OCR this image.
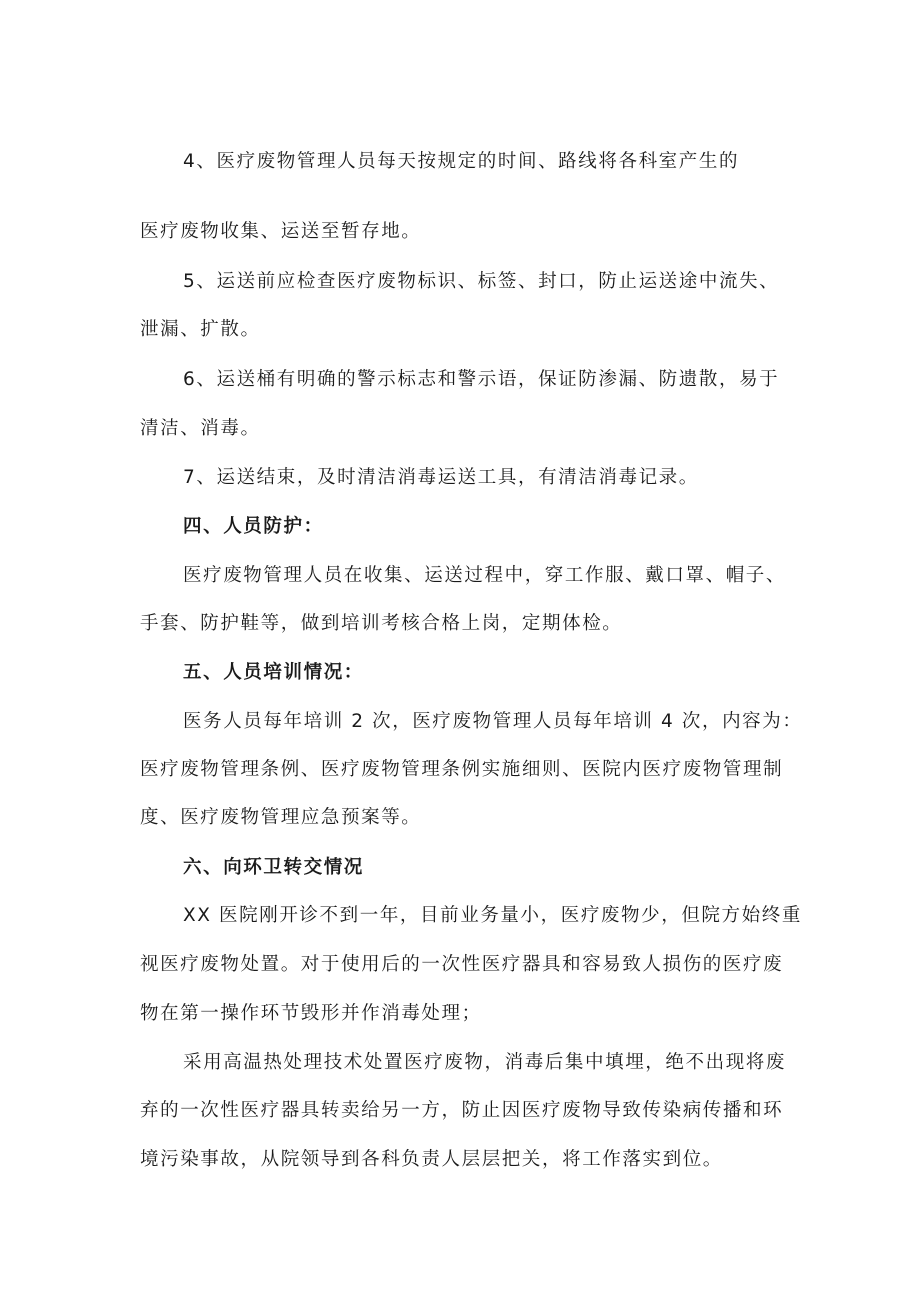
4、医疗废物管理人员每天按规定的时间、路线将各科室产生的
医疗废物收集、运送至暂存地。
5、运送前应检查医疗废物标识、标签、封口，防止运送途中流失、
泄漏、扩散。
6、运送桶有明确的警示标志和警示语，保证防渗漏、防遗散，易于
清洁、消毒。
7、运送结束，及时清洁消毒运送工具，有清洁消毒记录。
四、人员防护：
医疗废物管理人员在收集、运送过程中，穿工作服、戴口罩、帽子、
手套、防护鞋等，做到培训考核合格上岗，定期体检。
五、人员培训情况：
医务人员每年培训 2 次，医疗废物管理人员每年培训 4 次，内容为：
医疗废物管理条例、医疗废物管理条例实施细则、医院内医疗废物管理制
度、医疗废物管理应急预案等。
六、向环卫转交情况
XX 医院刚开诊不到一年，目前业务量小，医疗废物少，但院方始终重
视医疗废物处置。对于使用后的一次性医疗器具和容易致人损伤的医疗废
物在第一操作环节毁形并作消毒处理；
采用高温热处理技术处置医疗废物，消毒后集中填埋，绝不出现将废
弃的一次性医疗器具转卖给另一方，防止因医疗废物导致传染病传播和环
境污染事故，从院领导到各科负责人层层把关，将工作落实到位。
